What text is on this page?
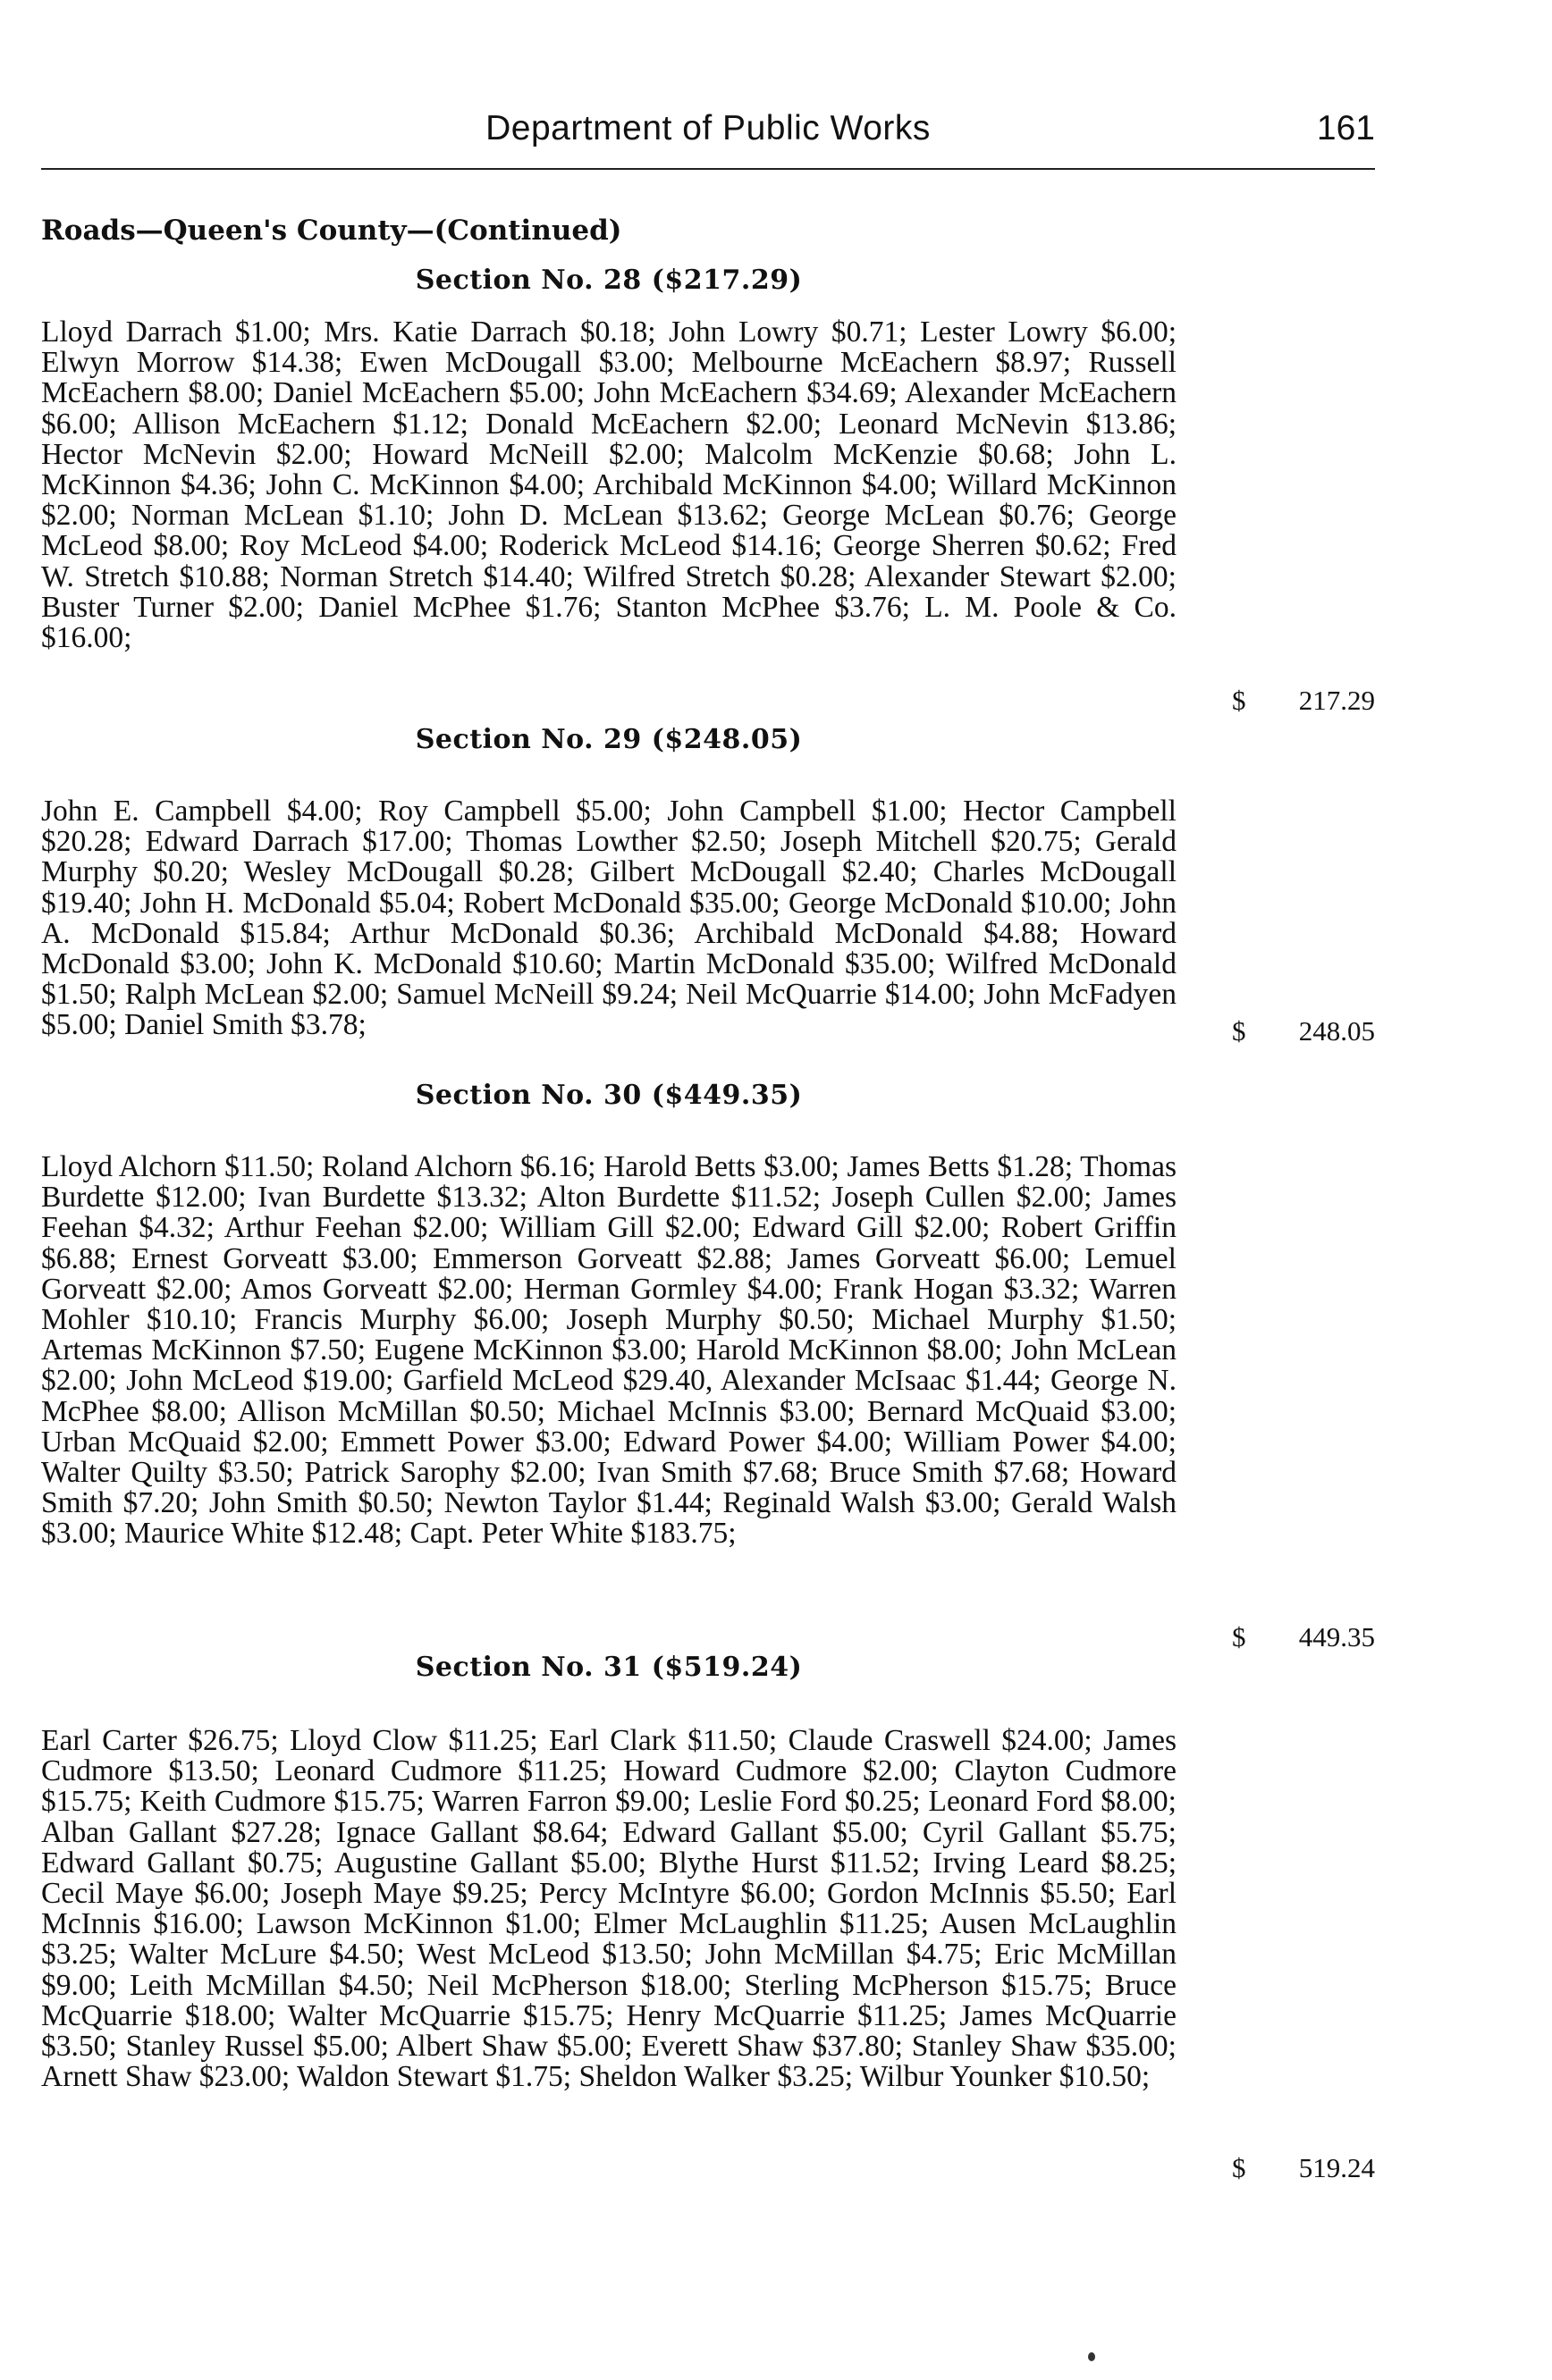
Department of Public Works	161
Roads—Queen's County—(Continued)
Section No. 28 ($217.29)

Lloyd Darrach $1.00; Mrs. Katie Darrach $0.18; John Lowry $0.71; Lester Lowry $6.00; Elwyn Morrow $14.38; Ewen McDougall $3.00; Melbourne McEachern $8.97; Russell McEachern $8.00; Daniel McEachern $5.00; John McEachern $34.69; Alexander McEachern $6.00; Allison McEachern $1.12; Donald McEachern $2.00; Leonard McNevin $13.86; Hector McNevin $2.00; Howard McNeill $2.00; Malcolm McKenzie $0.68; John L. McKinnon $4.36; John C. McKinnon $4.00; Archibald McKinnon $4.00; Willard McKinnon $2.00; Norman McLean $1.10; John D. McLean $13.62; George McLean $0.76; George McLeod $8.00; Roy McLeod $4.00; Roderick McLeod $14.16; George Sherren $0.62; Fred W. Stretch $10.88; Norman Stretch $14.40; Wilfred Stretch $0.28; Alexander Stewart $2.00; Buster Turner $2.00; Daniel McPhee $1.76; Stanton McPhee $3.76; L. M. Poole & Co. $16.00;

$ 217.29
Section No. 29 ($248.05)

John E. Campbell $4.00; Roy Campbell $5.00; John Campbell $1.00; Hector Campbell $20.28; Edward Darrach $17.00; Thomas Lowther $2.50; Joseph Mitchell $20.75; Gerald Murphy $0.20; Wesley McDougall $0.28; Gilbert McDougall $2.40; Charles McDougall $19.40; John H. McDonald $5.04; Robert McDonald $35.00; George McDonald $10.00; John A. McDonald $15.84; Arthur McDonald $0.36; Archibald McDonald $4.88; Howard McDonald $3.00; John K. McDonald $10.60; Martin McDonald $35.00; Wilfred McDonald $1.50; Ralph McLean $2.00; Samuel McNeill $9.24; Neil McQuarrie $14.00; John McFadyen $5.00; Daniel Smith $3.78;	$ 248.05
Section No. 30 ($449.35)

Lloyd Alchorn $11.50; Roland Alchorn $6.16; Harold Betts $3.00; James Betts $1.28; Thomas Burdette $12.00; Ivan Burdette $13.32; Alton Burdette $11.52; Joseph Cullen $2.00; James Feehan $4.32; Arthur Feehan $2.00; William Gill $2.00; Edward Gill $2.00; Robert Griffin $6.88; Ernest Gorveatt $3.00; Emmerson Gorveatt $2.88; James Gorveatt $6.00; Lemuel Gorveatt $2.00; Amos Gorveatt $2.00; Herman Gormley $4.00; Frank Hogan $3.32; Warren Mohler $10.10; Francis Murphy $6.00; Joseph Murphy $0.50; Michael Murphy $1.50; Artemas McKinnon $7.50; Eugene McKinnon $3.00; Harold McKinnon $8.00; John McLean $2.00; John McLeod $19.00; Garfield McLeod $29.40, Alexander McIsaac $1.44; George N. McPhee $8.00; Allison McMillan $0.50; Michael McInnis $3.00; Bernard McQuaid $3.00; Urban McQuaid $2.00; Emmett Power $3.00; Edward Power $4.00; William Power $4.00; Walter Quilty $3.50; Patrick Sarophy $2.00; Ivan Smith $7.68; Bruce Smith $7.68; Howard Smith $7.20; John Smith $0.50; Newton Taylor $1.44; Reginald Walsh $3.00; Gerald Walsh $3.00; Maurice White $12.48; Capt. Peter White $183.75;

$ 449.35
Section No. 31 ($519.24)

Earl Carter $26.75; Lloyd Clow $11.25; Earl Clark $11.50; Claude Craswell $24.00; James Cudmore $13.50; Leonard Cudmore $11.25; Howard Cudmore $2.00; Clayton Cudmore $15.75; Keith Cudmore $15.75; Warren Farron $9.00; Leslie Ford $0.25; Leonard Ford $8.00; Alban Gallant $27.28; Ignace Gallant $8.64; Edward Gallant $5.00; Cyril Gallant $5.75; Edward Gallant $0.75; Augustine Gallant $5.00; Blythe Hurst $11.52; Irving Leard $8.25; Cecil Maye $6.00; Joseph Maye $9.25; Percy McIntyre $6.00; Gordon McInnis $5.50; Earl McInnis $16.00; Lawson McKinnon $1.00; Elmer McLaughlin $11.25; Ausen McLaughlin $3.25; Walter McLure $4.50; West McLeod $13.50; John McMillan $4.75; Eric McMillan $9.00; Leith McMillan $4.50; Neil McPherson $18.00; Sterling McPherson $15.75; Bruce McQuarrie $18.00; Walter McQuarrie $15.75; Henry McQuarrie $11.25; James McQuarrie $3.50; Stanley Russel $5.00; Albert Shaw $5.00; Everett Shaw $37.80; Stanley Shaw $35.00; Arnett Shaw $23.00; Waldon Stewart $1.75; Sheldon Walker $3.25; Wilbur Younker $10.50;

$ 519.24
